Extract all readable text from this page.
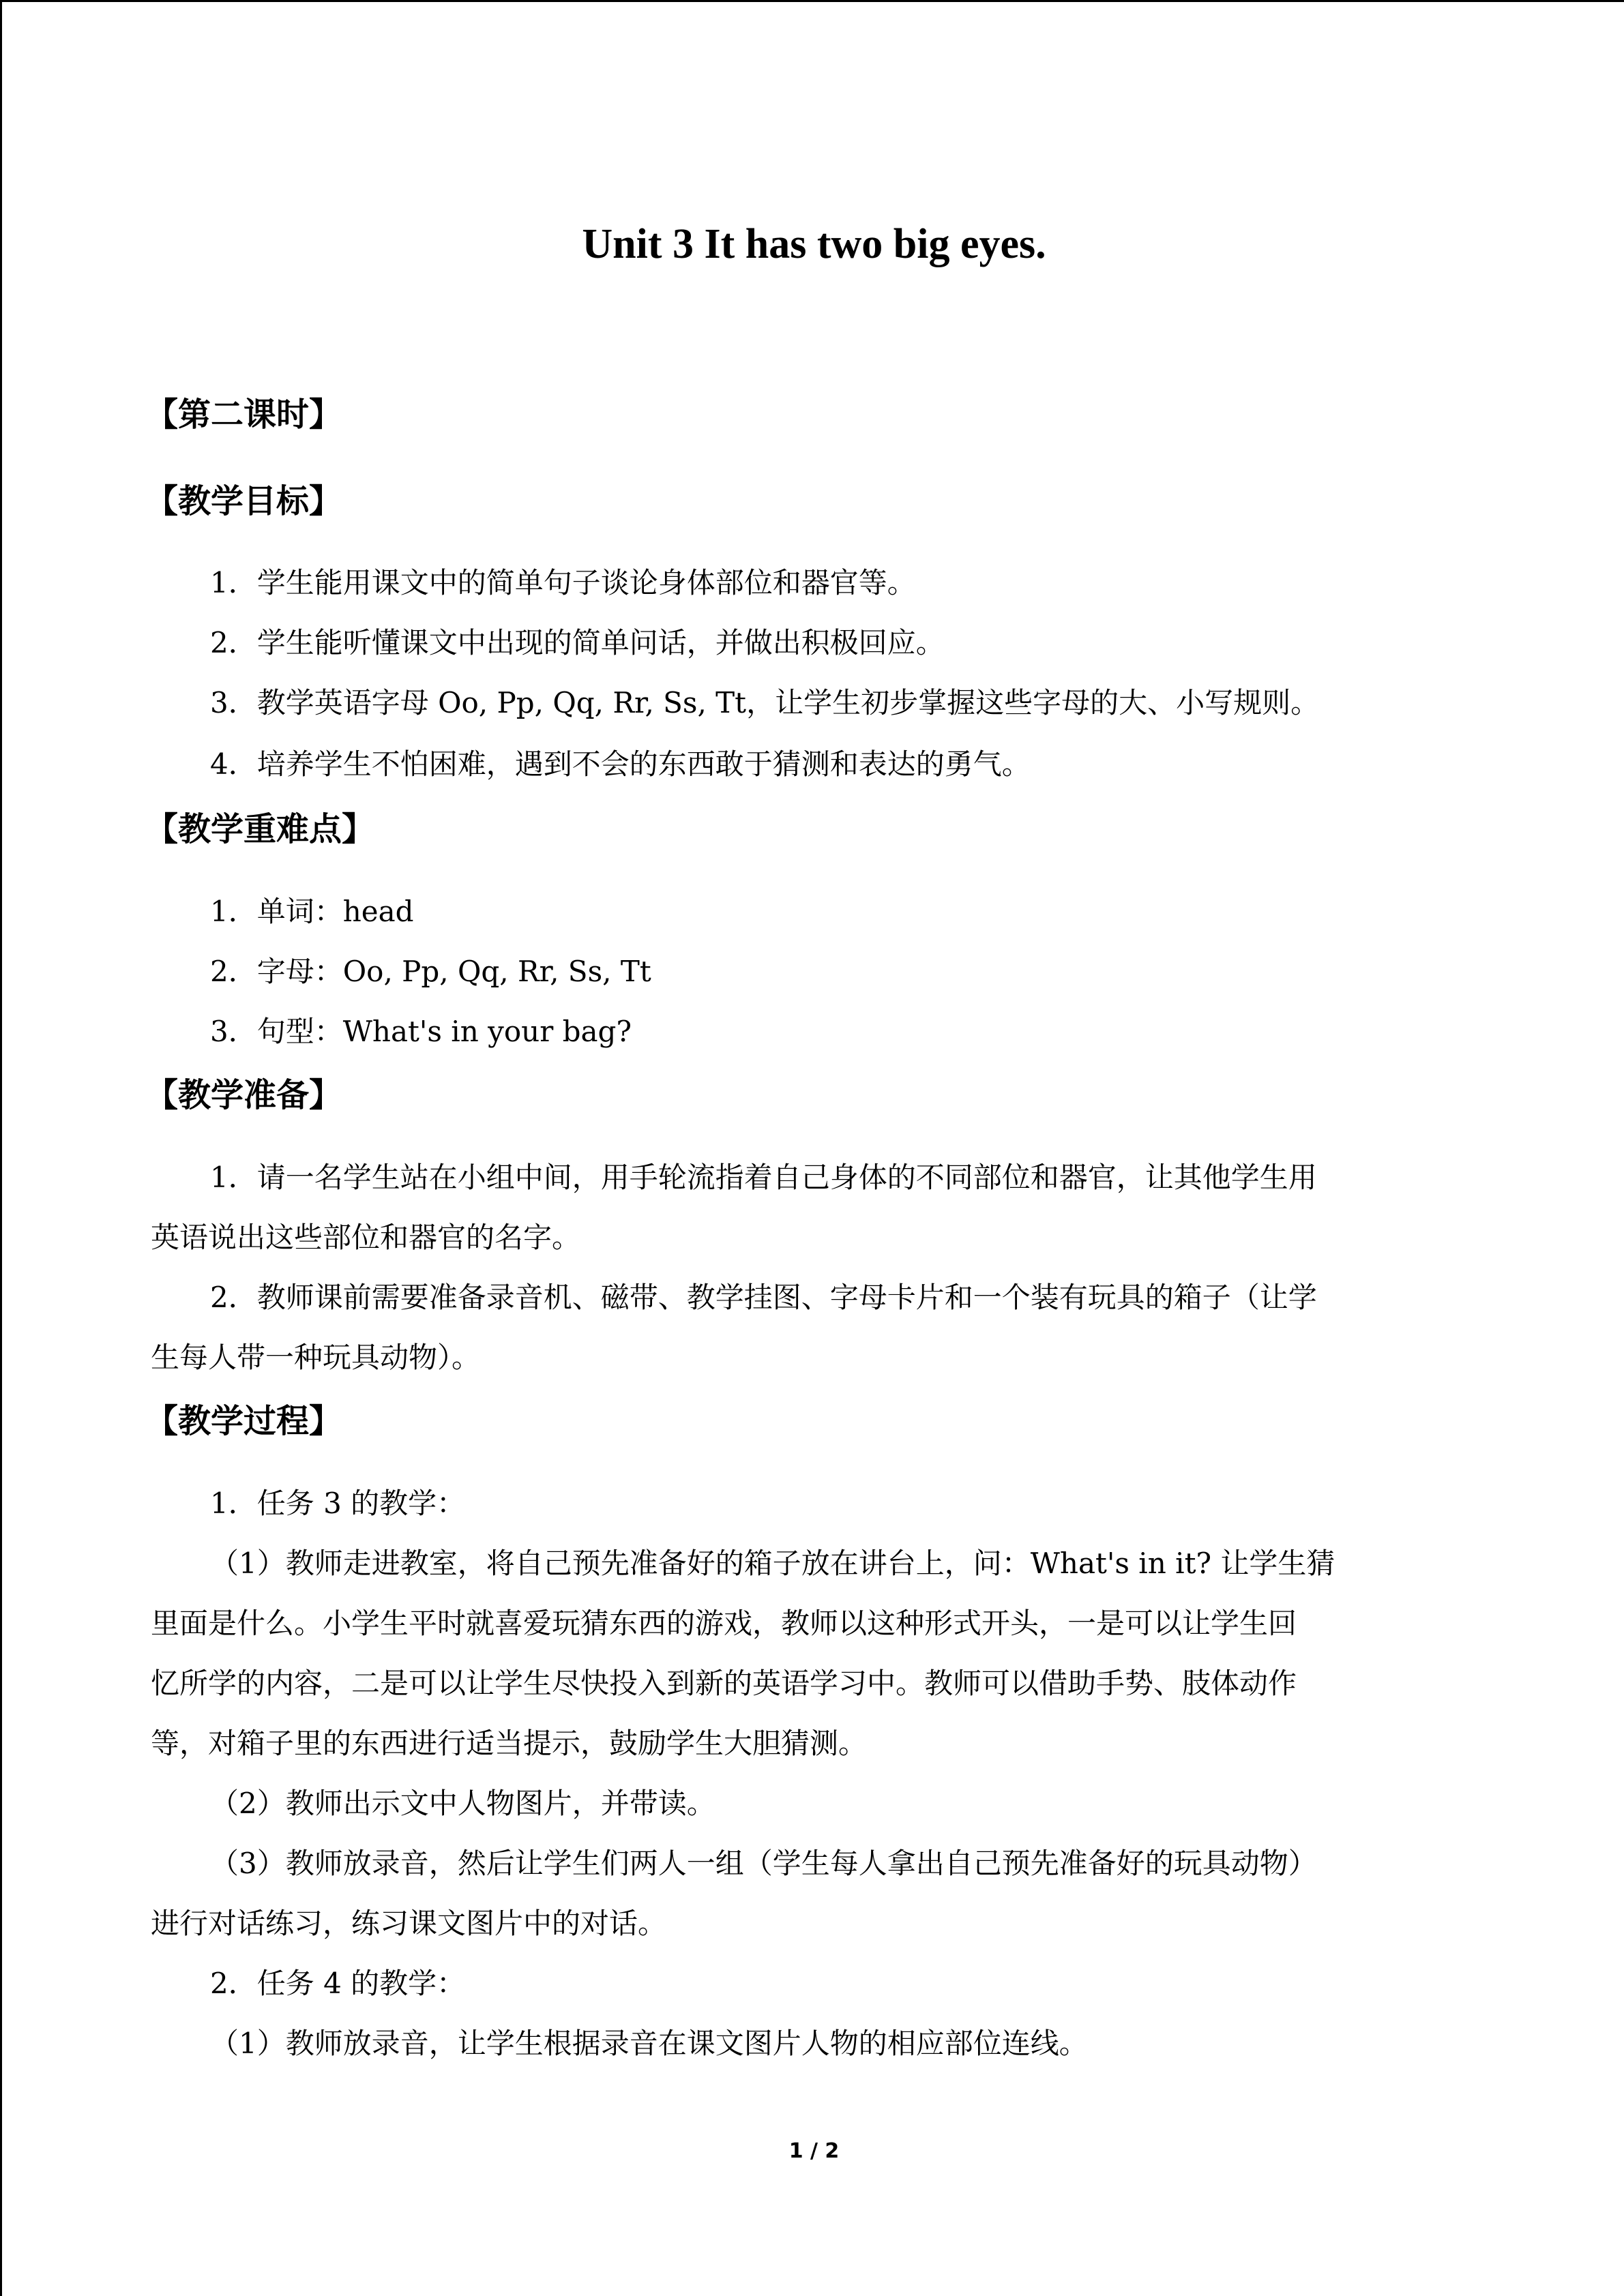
Unit 3 It has two big eyes.
【第二课时】
【教学目标】
1．学生能用课文中的简单句子谈论身体部位和器官等。
2．学生能听懂课文中出现的简单问话，并做出积极回应。
3．教学英语字母 Oo, Pp, Qq, Rr, Ss, Tt，让学生初步掌握这些字母的大、小写规则。
4．培养学生不怕困难，遇到不会的东西敢于猜测和表达的勇气。
【教学重难点】
1．单词：head
2．字母：Oo, Pp, Qq, Rr, Ss, Tt
3．句型：What's in your bag?
【教学准备】
1．请一名学生站在小组中间，用手轮流指着自己身体的不同部位和器官，让其他学生用
英语说出这些部位和器官的名字。
2．教师课前需要准备录音机、磁带、教学挂图、字母卡片和一个装有玩具的箱子（让学
生每人带一种玩具动物）。
【教学过程】
1．任务 3 的教学：
（1）教师走进教室，将自己预先准备好的箱子放在讲台上，问：What's in it? 让学生猜
里面是什么。小学生平时就喜爱玩猜东西的游戏，教师以这种形式开头，一是可以让学生回
忆所学的内容，二是可以让学生尽快投入到新的英语学习中。教师可以借助手势、肢体动作
等，对箱子里的东西进行适当提示，鼓励学生大胆猜测。
（2）教师出示文中人物图片，并带读。
（3）教师放录音，然后让学生们两人一组（学生每人拿出自己预先准备好的玩具动物）
进行对话练习，练习课文图片中的对话。
2．任务 4 的教学：
（1）教师放录音，让学生根据录音在课文图片人物的相应部位连线。
1 / 2
